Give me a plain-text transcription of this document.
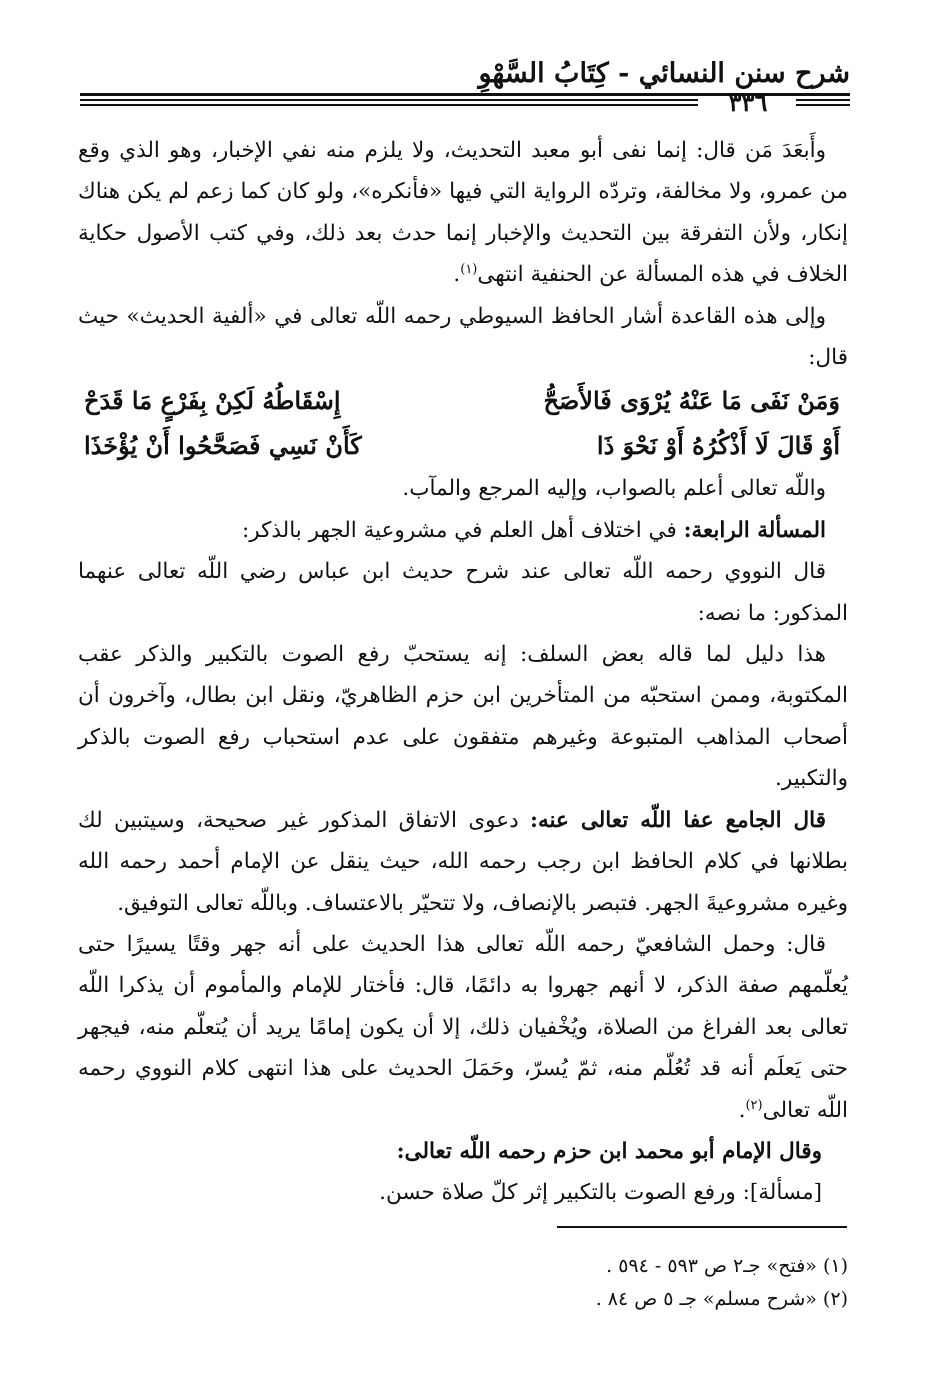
شرح سنن النسائي - كِتَابُ السَّهْوِ
٣٣٦

وأَبعَدَ مَن قال: إنما نفى أبو معبد التحديث، ولا يلزم منه نفي الإخبار، وهو الذي وقع من عمرو، ولا مخالفة، وتردّه الرواية التي فيها «فأنكره»، ولو كان كما زعم لم يكن هناك إنكار، ولأن التفرقة بين التحديث والإخبار إنما حدث بعد ذلك، وفي كتب الأصول حكاية الخلاف في هذه المسألة عن الحنفية انتهى$^{(١)}$.

وإلى هذه القاعدة أشار الحافظ السيوطي رحمه اللّه تعالى في «ألفية الحديث» حيث قال:

وَمَنْ نَفَى مَا عَنْهُ يُرْوَى فَالأَصَحُّ
إِسْقَاطُهُ لَكِنْ بِفَرْعٍ مَا قَدَحْ
أَوْ قَالَ لَا أَذْكُرُهُ أَوْ نَحْوَ ذَا
كَأَنْ نَسِي فَصَحَّحُوا أَنْ يُؤْخَذَا

واللّه تعالى أعلم بالصواب، وإليه المرجع والمآب.

المسألة الرابعة: في اختلاف أهل العلم في مشروعية الجهر بالذكر:

قال النووي رحمه اللّه تعالى عند شرح حديث ابن عباس رضي اللّه تعالى عنهما المذكور: ما نصه:

هذا دليل لما قاله بعض السلف: إنه يستحبّ رفع الصوت بالتكبير والذكر عقب المكتوبة، وممن استحبّه من المتأخرين ابن حزم الظاهريّ، ونقل ابن بطال، وآخرون أن أصحاب المذاهب المتبوعة وغيرهم متفقون على عدم استحباب رفع الصوت بالذكر والتكبير.

قال الجامع عفا اللّه تعالى عنه: دعوى الاتفاق المذكور غير صحيحة، وسيتبين لك بطلانها في كلام الحافظ ابن رجب رحمه الله، حيث ينقل عن الإمام أحمد رحمه الله وغيره مشروعيةَ الجهر. فتبصر بالإنصاف، ولا تتحيّر بالاعتساف. وباللّه تعالى التوفيق.

قال: وحمل الشافعيّ رحمه اللّه تعالى هذا الحديث على أنه جهر وقتًا يسيرًا حتى يُعلّمهم صفة الذكر، لا أنهم جهروا به دائمًا، قال: فأختار للإمام والمأموم أن يذكرا اللّه تعالى بعد الفراغ من الصلاة، ويُخْفيان ذلك، إلا أن يكون إمامًا يريد أن يُتعلّم منه، فيجهر حتى يَعلَم أنه قد تُعُلّم منه، ثمّ يُسرّ، وحَمَلَ الحديث على هذا انتهى كلام النووي رحمه اللّه تعالى$^{(٢)}$.

وقال الإمام أبو محمد ابن حزم رحمه اللّه تعالى:

[مسألة]: ورفع الصوت بالتكبير إثر كلّ صلاة حسن.

(١) «فتح» جـ٢ ص ٥٩٣ - ٥٩٤ .

(٢) «شرح مسلم» جـ ٥ ص ٨٤ .
